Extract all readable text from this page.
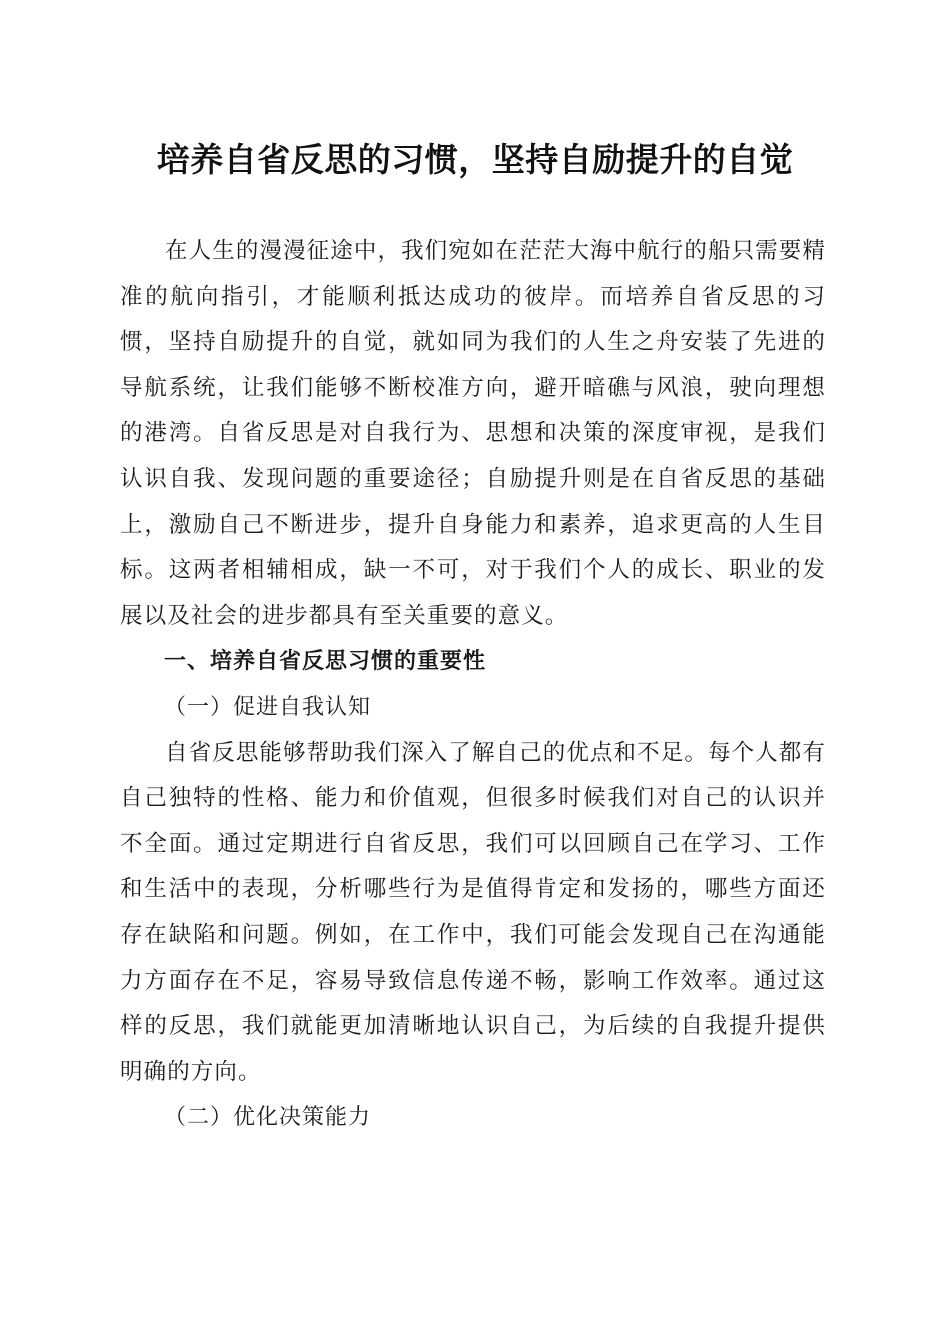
培养自省反思的习惯，坚持自励提升的自觉

在人生的漫漫征途中，我们宛如在茫茫大海中航行的船只需要精准的航向指引，才能顺利抵达成功的彼岸。而培养自省反思的习惯，坚持自励提升的自觉，就如同为我们的人生之舟安装了先进的导航系统，让我们能够不断校准方向，避开暗礁与风浪，驶向理想的港湾。自省反思是对自我行为、思想和决策的深度审视，是我们认识自我、发现问题的重要途径；自励提升则是在自省反思的基础上，激励自己不断进步，提升自身能力和素养，追求更高的人生目标。这两者相辅相成，缺一不可，对于我们个人的成长、职业的发展以及社会的进步都具有至关重要的意义。

一、培养自省反思习惯的重要性

（一）促进自我认知

自省反思能够帮助我们深入了解自己的优点和不足。每个人都有自己独特的性格、能力和价值观，但很多时候我们对自己的认识并不全面。通过定期进行自省反思，我们可以回顾自己在学习、工作和生活中的表现，分析哪些行为是值得肯定和发扬的，哪些方面还存在缺陷和问题。例如，在工作中，我们可能会发现自己在沟通能力方面存在不足，容易导致信息传递不畅，影响工作效率。通过这样的反思，我们就能更加清晰地认识自己，为后续的自我提升提供明确的方向。

（二）优化决策能力
